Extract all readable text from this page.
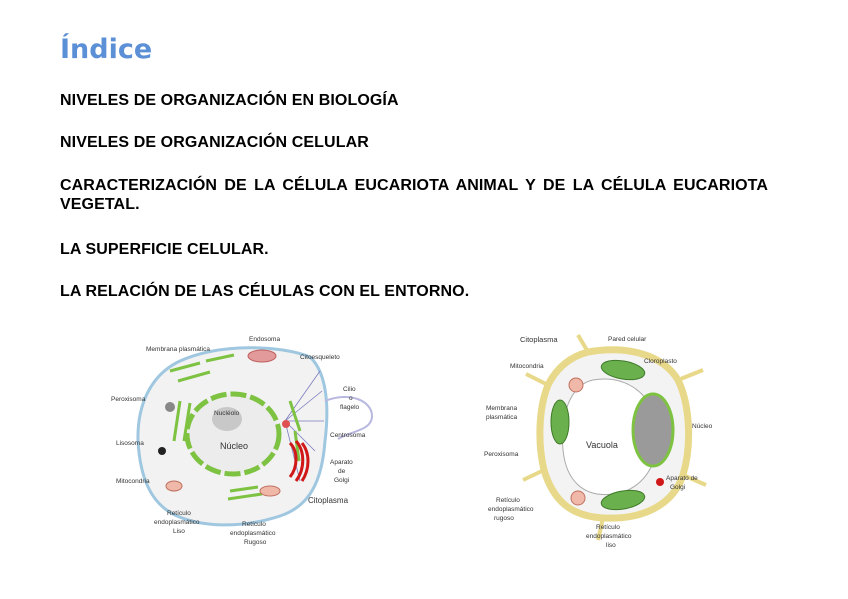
Índice
NIVELES DE ORGANIZACIÓN EN BIOLOGÍA
NIVELES DE ORGANIZACIÓN CELULAR
CARACTERIZACIÓN DE LA CÉLULA EUCARIOTA ANIMAL Y DE LA CÉLULA EUCARIOTA VEGETAL.
LA SUPERFICIE CELULAR.
LA RELACIÓN DE LAS CÉLULAS CON EL ENTORNO.
Membrana plasmática
Endosoma
Citoesqueleto
Peroxisoma
Cilio
o
flagelo
Nucléolo
Núcleo
Centrosoma
Lisosoma
Aparato
de
Golgi
Mitocondria
Citoplasma
Retículo
endoplasmático
Liso
Retículo
endoplasmático
Rugoso
Vacuola
Citoplasma	Pared celular
Mitocondria
Cloroplasto
Membrana
plasmática
Núcleo
Peroxisoma
Aparato de
Golgi
Retículo
endoplasmático
rugoso
Retículo
endoplasmático
liso
